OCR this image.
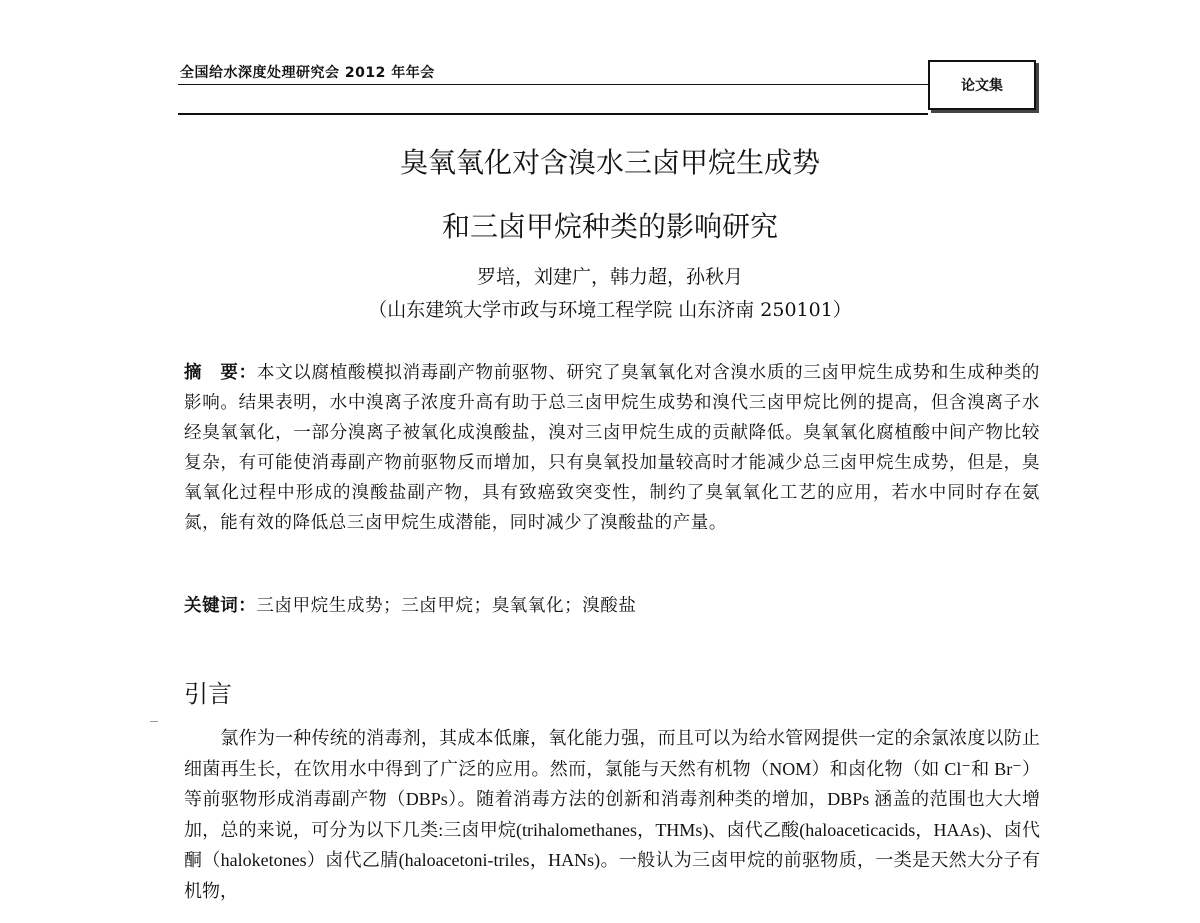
全国给水深度处理研究会 2012 年年会
论文集
臭氧氧化对含溴水三卤甲烷生成势
和三卤甲烷种类的影响研究
罗培，刘建广，韩力超，孙秋月
（山东建筑大学市政与环境工程学院 山东济南 250101）

摘　要：本文以腐植酸模拟消毒副产物前驱物、研究了臭氧氧化对含溴水质的三卤甲烷生成势和生成种类的影响。结果表明，水中溴离子浓度升高有助于总三卤甲烷生成势和溴代三卤甲烷比例的提高，但含溴离子水经臭氧氧化，一部分溴离子被氧化成溴酸盐，溴对三卤甲烷生成的贡献降低。臭氧氧化腐植酸中间产物比较复杂，有可能使消毒副产物前驱物反而增加，只有臭氧投加量较高时才能减少总三卤甲烷生成势，但是，臭氧氧化过程中形成的溴酸盐副产物，具有致癌致突变性，制约了臭氧氧化工艺的应用，若水中同时存在氨氮，能有效的降低总三卤甲烷生成潜能，同时减少了溴酸盐的产量。

关键词：三卤甲烷生成势；三卤甲烷；臭氧氧化；溴酸盐
引言

　　氯作为一种传统的消毒剂，其成本低廉，氧化能力强，而且可以为给水管网提供一定的余氯浓度以防止细菌再生长，在饮用水中得到了广泛的应用。然而，氯能与天然有机物（NOM）和卤化物（如 Cl⁻和 Br⁻）等前驱物形成消毒副产物（DBPs）。随着消毒方法的创新和消毒剂种类的增加，DBPs 涵盖的范围也大大增加，总的来说，可分为以下几类:三卤甲烷(trihalomethanes，THMs)、卤代乙酸(haloaceticacids，HAAs)、卤代酮（haloketones）卤代乙腈(haloacetoni-triles，HANs)。一般认为三卤甲烷的前驱物质，一类是天然大分子有机物，
